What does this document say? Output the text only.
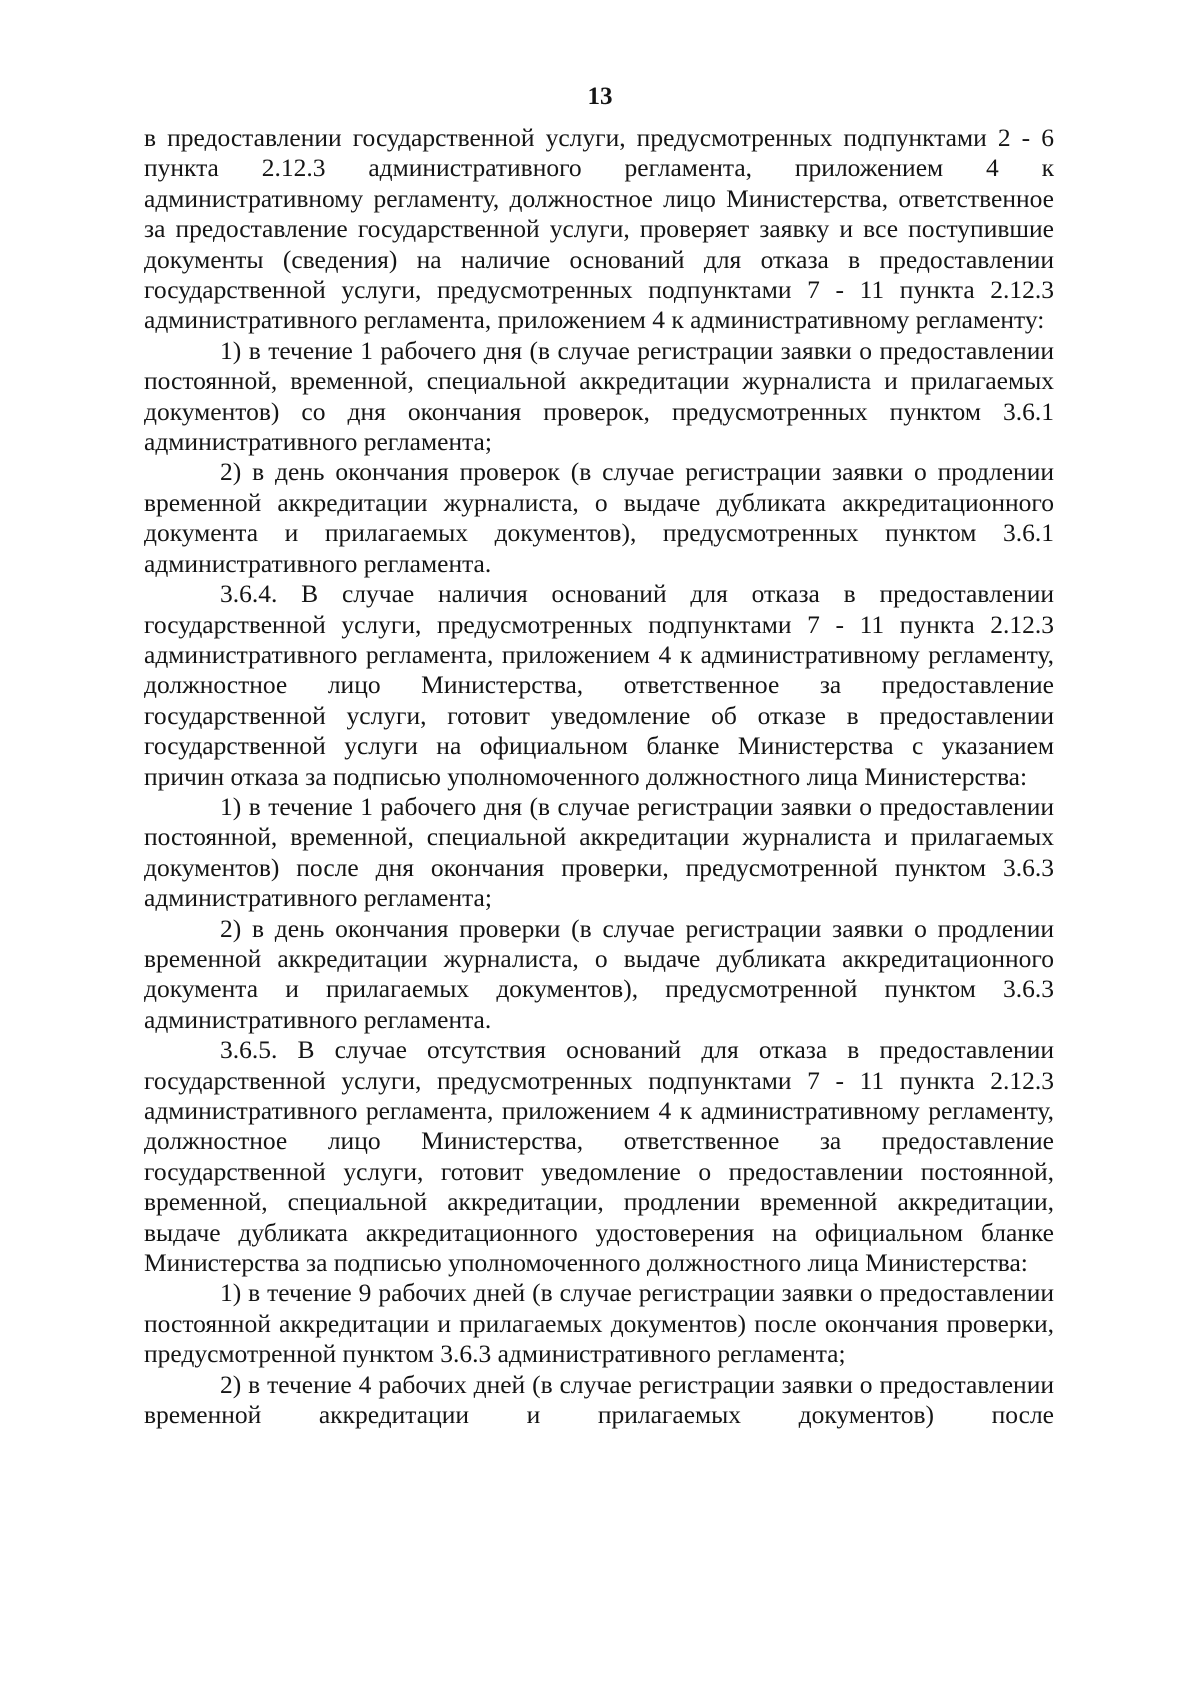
13

в предоставлении государственной услуги, предусмотренных подпунктами 2 - 6 пункта 2.12.3 административного регламента, приложением 4 к административному регламенту, должностное лицо Министерства, ответственное за предоставление государственной услуги, проверяет заявку и все поступившие документы (сведения) на наличие оснований для отказа в предоставлении государственной услуги, предусмотренных подпунктами 7 - 11 пункта 2.12.3 административного регламента, приложением 4 к административному регламенту:

1) в течение 1 рабочего дня (в случае регистрации заявки о предоставлении постоянной, временной, специальной аккредитации журналиста и прилагаемых документов) со дня окончания проверок, предусмотренных пунктом 3.6.1 административного регламента;

2) в день окончания проверок (в случае регистрации заявки о продлении временной аккредитации журналиста, о выдаче дубликата аккредитационного документа и прилагаемых документов), предусмотренных пунктом 3.6.1 административного регламента.

3.6.4. В случае наличия оснований для отказа в предоставлении государственной услуги, предусмотренных подпунктами 7 - 11 пункта 2.12.3 административного регламента, приложением 4 к административному регламенту, должностное лицо Министерства, ответственное за предоставление государственной услуги, готовит уведомление об отказе в предоставлении государственной услуги на официальном бланке Министерства с указанием причин отказа за подписью уполномоченного должностного лица Министерства:

1) в течение 1 рабочего дня (в случае регистрации заявки о предоставлении постоянной, временной, специальной аккредитации журналиста и прилагаемых документов) после дня окончания проверки, предусмотренной пунктом 3.6.3 административного регламента;

2) в день окончания проверки (в случае регистрации заявки о продлении временной аккредитации журналиста, о выдаче дубликата аккредитационного документа и прилагаемых документов), предусмотренной пунктом 3.6.3 административного регламента.

3.6.5. В случае отсутствия оснований для отказа в предоставлении государственной услуги, предусмотренных подпунктами 7 - 11 пункта 2.12.3 административного регламента, приложением 4 к административному регламенту, должностное лицо Министерства, ответственное за предоставление государственной услуги, готовит уведомление о предоставлении постоянной, временной, специальной аккредитации, продлении временной аккредитации, выдаче дубликата аккредитационного удостоверения на официальном бланке Министерства за подписью уполномоченного должностного лица Министерства:

1) в течение 9 рабочих дней (в случае регистрации заявки о предоставлении постоянной аккредитации и прилагаемых документов) после окончания проверки, предусмотренной пунктом 3.6.3 административного регламента;

2) в течение 4 рабочих дней (в случае регистрации заявки о предоставлении временной аккредитации и прилагаемых документов) после
